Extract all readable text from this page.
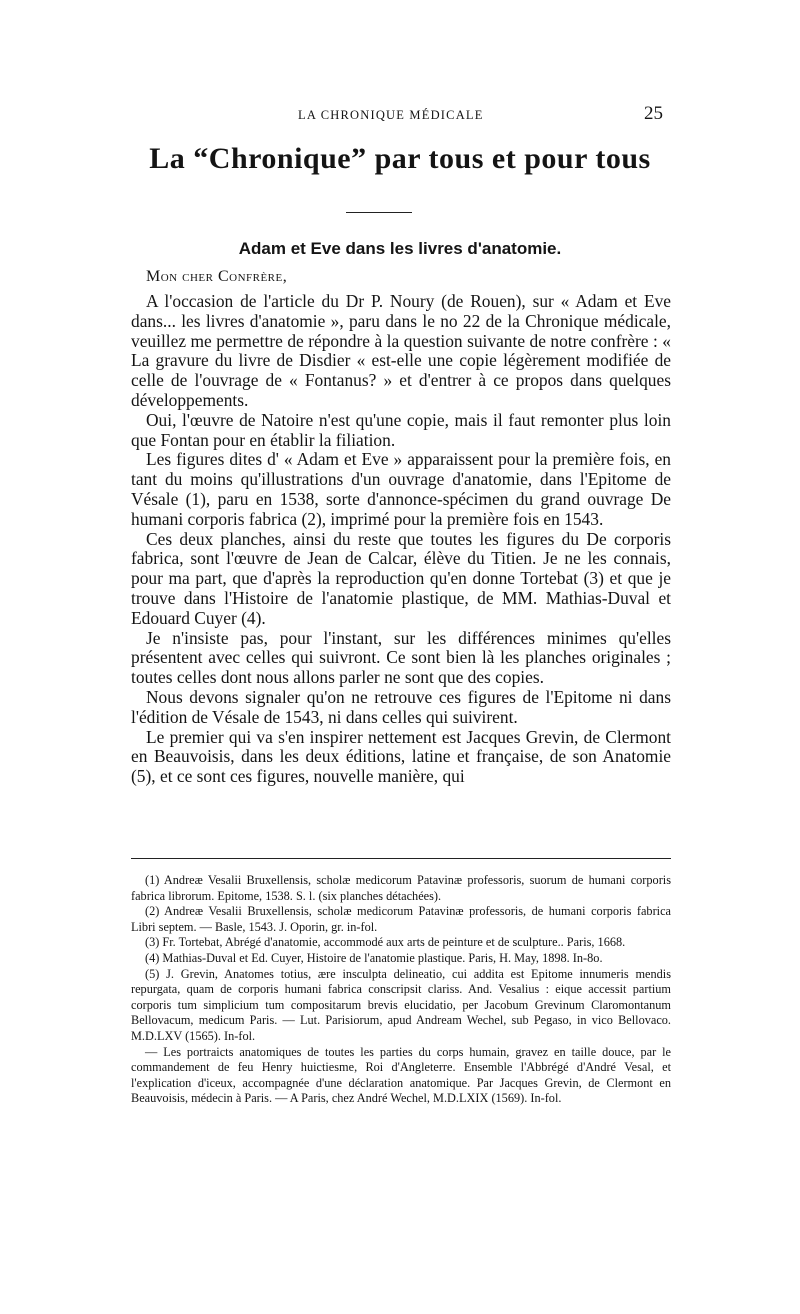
LA CHRONIQUE MÉDICALE	25
La “Chronique” par tous et pour tous
Adam et Eve dans les livres d'anatomie.
Mon cher Confrère,

A l'occasion de l'article du Dr P. Noury (de Rouen), sur « Adam et Eve dans... les livres d'anatomie », paru dans le no 22 de la Chronique médicale, veuillez me permettre de répondre à la question suivante de notre confrère : « La gravure du livre de Disdier « est-elle une copie légèrement modifiée de celle de l'ouvrage de « Fontanus? » et d'entrer à ce propos dans quelques développements.

Oui, l'œuvre de Natoire n'est qu'une copie, mais il faut remonter plus loin que Fontan pour en établir la filiation.

Les figures dites d' « Adam et Eve » apparaissent pour la première fois, en tant du moins qu'illustrations d'un ouvrage d'anatomie, dans l'Epitome de Vésale (1), paru en 1538, sorte d'annonce-spécimen du grand ouvrage De humani corporis fabrica (2), imprimé pour la première fois en 1543.

Ces deux planches, ainsi du reste que toutes les figures du De corporis fabrica, sont l'œuvre de Jean de Calcar, élève du Titien. Je ne les connais, pour ma part, que d'après la reproduction qu'en donne Tortebat (3) et que je trouve dans l'Histoire de l'anatomie plastique, de MM. Mathias-Duval et Edouard Cuyer (4).

Je n'insiste pas, pour l'instant, sur les différences minimes qu'elles présentent avec celles qui suivront. Ce sont bien là les planches originales ; toutes celles dont nous allons parler ne sont que des copies.

Nous devons signaler qu'on ne retrouve ces figures de l'Epitome ni dans l'édition de Vésale de 1543, ni dans celles qui suivirent.

Le premier qui va s'en inspirer nettement est Jacques Grevin, de Clermont en Beauvoisis, dans les deux éditions, latine et française, de son Anatomie (5), et ce sont ces figures, nouvelle manière, qui

(1) Andreæ Vesalii Bruxellensis, scholæ medicorum Patavinæ professoris, suorum de humani corporis fabrica librorum. Epitome, 1538. S. l. (six planches détachées).

(2) Andreæ Vesalii Bruxellensis, scholæ medicorum Patavinæ professoris, de humani corporis fabrica Libri septem. — Basle, 1543. J. Oporin, gr. in-fol.

(3) Fr. Tortebat, Abrégé d'anatomie, accommodé aux arts de peinture et de sculpture.. Paris, 1668.

(4) Mathias-Duval et Ed. Cuyer, Histoire de l'anatomie plastique. Paris, H. May, 1898. In-8o.

(5) J. Grevin, Anatomes totius, ære insculpta delineatio, cui addita est Epitome innumeris mendis repurgata, quam de corporis humani fabrica conscripsit clariss. And. Vesalius : eique accessit partium corporis tum simplicium tum compositarum brevis elucidatio, per Jacobum Grevinum Claromontanum Bellovacum, medicum Paris. — Lut. Parisiorum, apud Andream Wechel, sub Pegaso, in vico Bellovaco. M.D.LXV (1565). In-fol.

— Les portraicts anatomiques de toutes les parties du corps humain, gravez en taille douce, par le commandement de feu Henry huictiesme, Roi d'Angleterre. Ensemble l'Abbrégé d'André Vesal, et l'explication d'iceux, accompagnée d'une déclaration anatomique. Par Jacques Grevin, de Clermont en Beauvoisis, médecin à Paris. — A Paris, chez André Wechel, M.D.LXIX (1569). In-fol.
